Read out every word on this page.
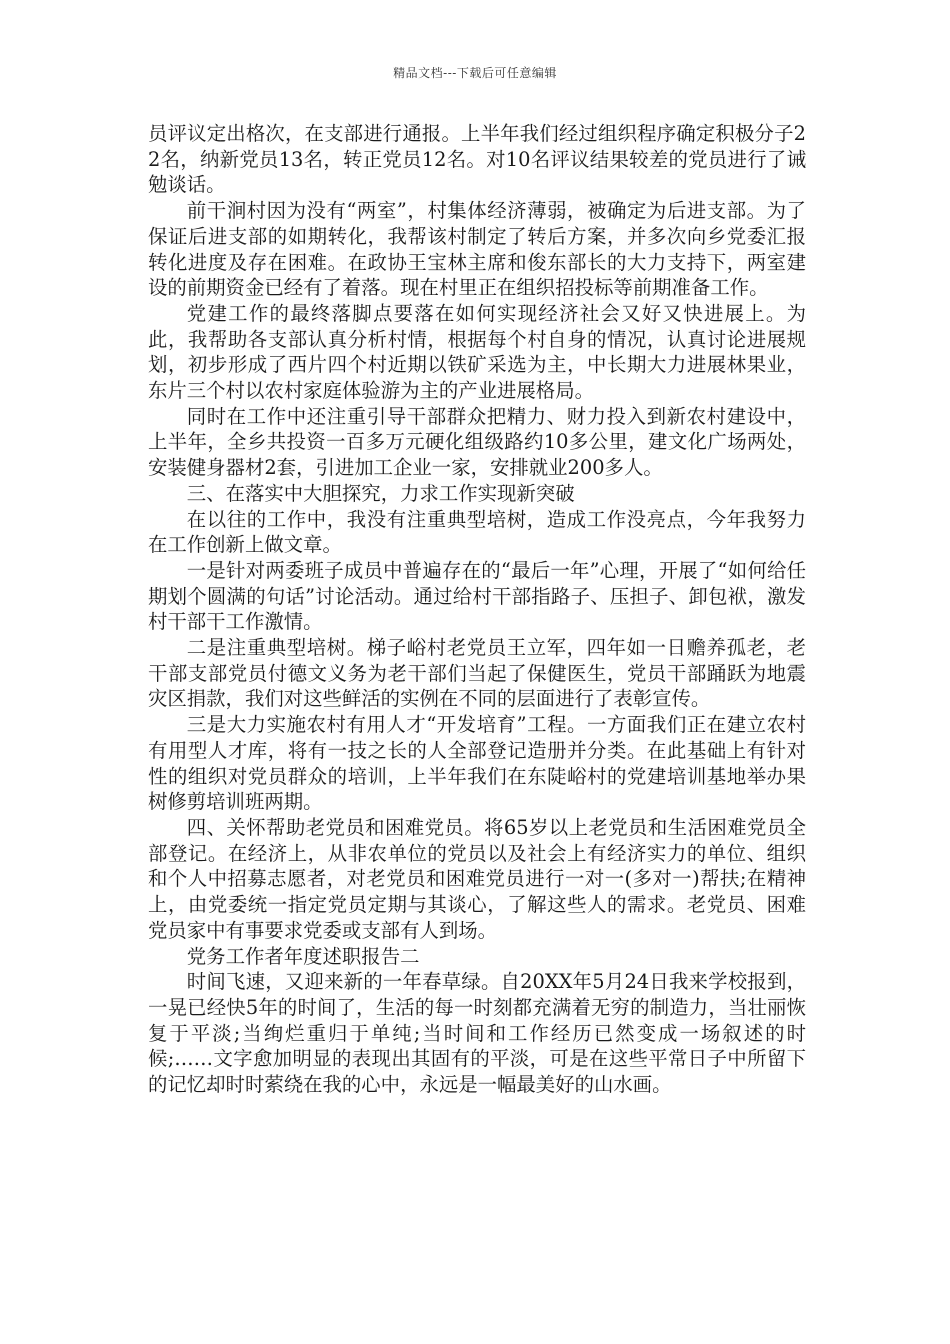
精品文档---下载后可任意编辑

员评议定出格次，在支部进行通报。上半年我们经过组织程序确定积极分子22名，纳新党员13名，转正党员12名。对10名评议结果较差的党员进行了诫勉谈话。

前干涧村因为没有“两室”，村集体经济薄弱，被确定为后进支部。为了保证后进支部的如期转化，我帮该村制定了转后方案，并多次向乡党委汇报转化进度及存在困难。在政协王宝林主席和俊东部长的大力支持下，两室建设的前期资金已经有了着落。现在村里正在组织招投标等前期准备工作。

党建工作的最终落脚点要落在如何实现经济社会又好又快进展上。为此，我帮助各支部认真分析村情，根据每个村自身的情况，认真讨论进展规划，初步形成了西片四个村近期以铁矿采选为主，中长期大力进展林果业，东片三个村以农村家庭体验游为主的产业进展格局。

同时在工作中还注重引导干部群众把精力、财力投入到新农村建设中，上半年，全乡共投资一百多万元硬化组级路约10多公里，建文化广场两处，安装健身器材2套，引进加工企业一家，安排就业200多人。

三、在落实中大胆探究，力求工作实现新突破

在以往的工作中，我没有注重典型培树，造成工作没亮点，今年我努力在工作创新上做文章。

一是针对两委班子成员中普遍存在的“最后一年”心理，开展了“如何给任期划个圆满的句话”讨论活动。通过给村干部指路子、压担子、卸包袱，激发村干部干工作激情。

二是注重典型培树。梯子峪村老党员王立军，四年如一日赡养孤老，老干部支部党员付德文义务为老干部们当起了保健医生，党员干部踊跃为地震灾区捐款，我们对这些鲜活的实例在不同的层面进行了表彰宣传。

三是大力实施农村有用人才“开发培育”工程。一方面我们正在建立农村有用型人才库，将有一技之长的人全部登记造册并分类。在此基础上有针对性的组织对党员群众的培训，上半年我们在东陡峪村的党建培训基地举办果树修剪培训班两期。

四、关怀帮助老党员和困难党员。将65岁以上老党员和生活困难党员全部登记。在经济上，从非农单位的党员以及社会上有经济实力的单位、组织和个人中招募志愿者，对老党员和困难党员进行一对一(多对一)帮扶;在精神上，由党委统一指定党员定期与其谈心，了解这些人的需求。老党员、困难党员家中有事要求党委或支部有人到场。

党务工作者年度述职报告二

时间飞速，又迎来新的一年春草绿。自20XX年5月24日我来学校报到，一晃已经快5年的时间了，生活的每一时刻都充满着无穷的制造力，当壮丽恢复于平淡;当绚烂重归于单纯;当时间和工作经历已然变成一场叙述的时候;……文字愈加明显的表现出其固有的平淡，可是在这些平常日子中所留下的记忆却时时萦绕在我的心中，永远是一幅最美好的山水画。
